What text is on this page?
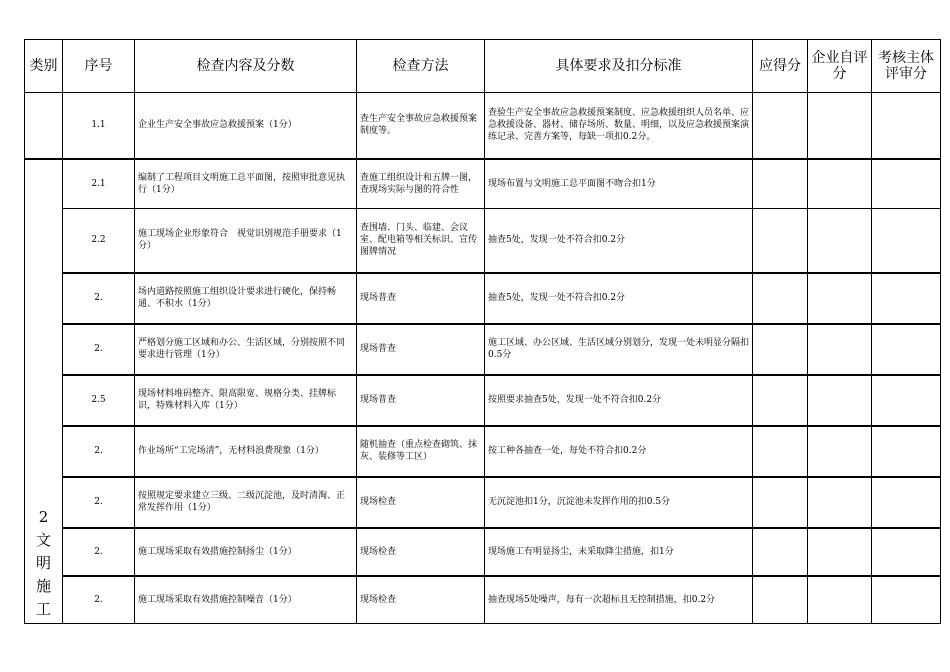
类别	序号	检查内容及分数	检查方法	具体要求及扣分标准	应得分	企业自评分	考核主体评审分
	1.1	企业生产安全事故应急救援预案（1分）	查生产安全事故应急救援预案制度等。	查验生产安全事故应急救援预案制度、应急救援组织人员名单、应急救援设备、器材、储存场所、数量、明细，以及应急救援预案演练记录、完善方案等，每缺一项扣0.2分。			

2
文
明
施
工	2.1	编制了工程项目文明施工总平面图，按照审批意见执行（1分）	查施工组织设计和五牌一图，查现场实际与图的符合性	现场布置与文明施工总平面图不吻合扣1分			
	2.2	施工现场企业形象符合　视觉识别规范手册要求（1分）	查围墙、门头、临建、会议室、配电箱等相关标识、宣传图牌情况	抽查5处，发现一处不符合扣0.2分			
	2.	场内道路按照施工组织设计要求进行硬化，保持畅通、不积水（1分）	现场普查	抽查5处，发现一处不符合扣0.2分			
	2.	严格划分施工区域和办公、生活区域，分别按照不同要求进行管理（1分）	现场普查	施工区域、办公区域、生活区域分别划分，发现一处未明显分隔扣0.5分			
	2.5	现场材料堆码整齐、限高限宽、规格分类、挂牌标识，特殊材料入库（1分）	现场普查	按照要求抽查5处，发现一处不符合扣0.2分			
	2.	作业场所“工完场清”，无材料浪费现象（1分）	随机抽查（重点检查砌筑、抹灰、装修等工区）	按工种各抽查一处，每处不符合扣0.2分			
	2.	按照规定要求建立三级、二级沉淀池，及时清淘、正常发挥作用（1分）	现场检查	无沉淀池扣1分，沉淀池未发挥作用的扣0.5分			
	2.	施工现场采取有效措施控制扬尘（1分）	现场检查	现场施工有明显扬尘，未采取降尘措施，扣1分			
	2.	施工现场采取有效措施控制噪音（1分）	现场检查	抽查现场5处噪声，每有一次超标且无控制措施，扣0.2分			
